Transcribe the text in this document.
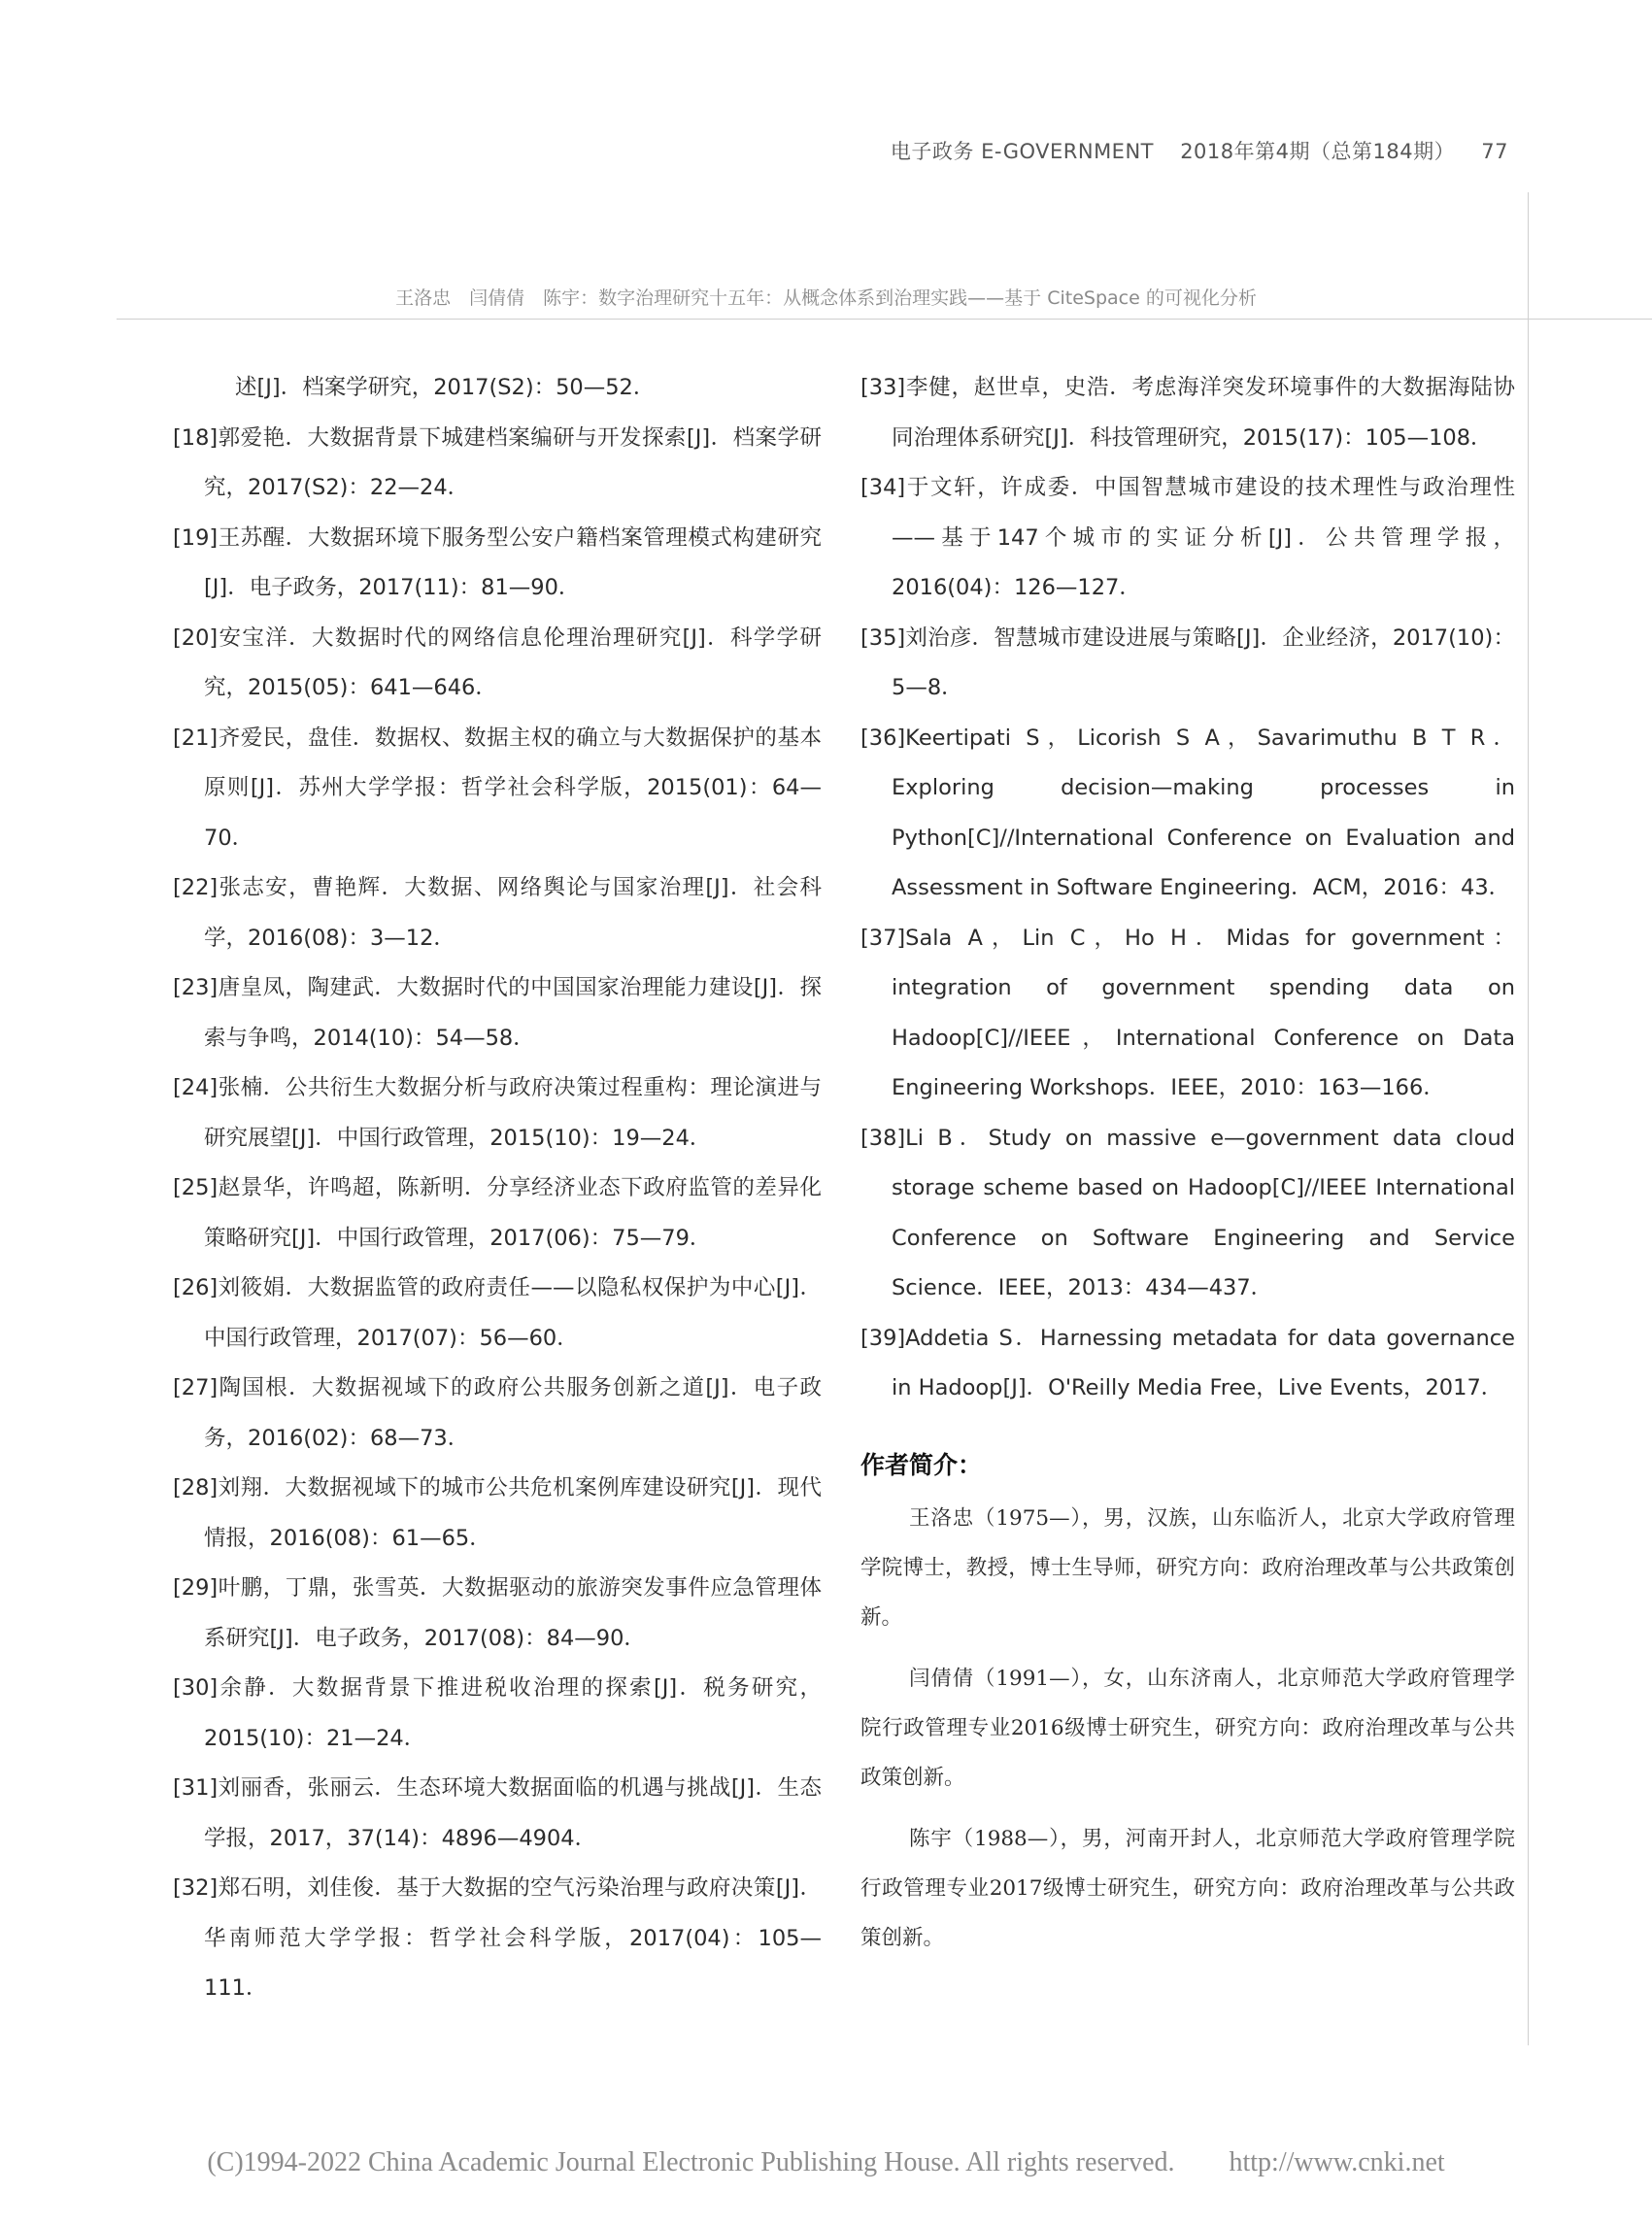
电子政务 E-GOVERNMENT 2018年第4期（总第184期） 77
王洛忠　闫倩倩　陈宇：数字治理研究十五年：从概念体系到治理实践——基于 CiteSpace 的可视化分析
述[J]．档案学研究，2017(S2)：50—52．
[18]郭爱艳．大数据背景下城建档案编研与开发探索[J]．档案学研究，2017(S2)：22—24．
[19]王苏醒．大数据环境下服务型公安户籍档案管理模式构建研究[J]．电子政务，2017(11)：81—90．
[20]安宝洋．大数据时代的网络信息伦理治理研究[J]．科学学研究，2015(05)：641—646．
[21]齐爱民，盘佳．数据权、数据主权的确立与大数据保护的基本原则[J]．苏州大学学报：哲学社会科学版，2015(01)：64—70．
[22]张志安，曹艳辉．大数据、网络舆论与国家治理[J]．社会科学，2016(08)：3—12．
[23]唐皇凤，陶建武．大数据时代的中国国家治理能力建设[J]．探索与争鸣，2014(10)：54—58．
[24]张楠．公共衍生大数据分析与政府决策过程重构：理论演进与研究展望[J]．中国行政管理，2015(10)：19—24．
[25]赵景华，许鸣超，陈新明．分享经济业态下政府监管的差异化策略研究[J]．中国行政管理，2017(06)：75—79．
[26]刘筱娟．大数据监管的政府责任——以隐私权保护为中心[J]．中国行政管理，2017(07)：56—60．
[27]陶国根．大数据视域下的政府公共服务创新之道[J]．电子政务，2016(02)：68—73．
[28]刘翔．大数据视域下的城市公共危机案例库建设研究[J]．现代情报，2016(08)：61—65．
[29]叶鹏，丁鼎，张雪英．大数据驱动的旅游突发事件应急管理体系研究[J]．电子政务，2017(08)：84—90．
[30]余静．大数据背景下推进税收治理的探索[J]．税务研究，2015(10)：21—24．
[31]刘丽香，张丽云．生态环境大数据面临的机遇与挑战[J]．生态学报，2017，37(14)：4896—4904．
[32]郑石明，刘佳俊．基于大数据的空气污染治理与政府决策[J]．华南师范大学学报：哲学社会科学版，2017(04)：105—111．
[33]李健，赵世卓，史浩．考虑海洋突发环境事件的大数据海陆协同治理体系研究[J]．科技管理研究，2015(17)：105—108．
[34]于文轩，许成委．中国智慧城市建设的技术理性与政治理性——基于147个城市的实证分析[J]．公共管理学报，2016(04)：126—127．
[35]刘治彦．智慧城市建设进展与策略[J]．企业经济，2017(10)：5—8．
[36]Keertipati S，Licorish S A，Savarimuthu B T R．Exploring decision—making processes in Python[C]//International Conference on Evaluation and Assessment in Software Engineering．ACM，2016：43．
[37]Sala A，Lin C，Ho H．Midas for government：integration of government spending data on Hadoop[C]//IEEE，International Conference on Data Engineering Workshops．IEEE，2010：163—166．
[38]Li B．Study on massive e—government data cloud storage scheme based on Hadoop[C]//IEEE International Conference on Software Engineering and Service Science．IEEE，2013：434—437．
[39]Addetia S．Harnessing metadata for data governance in Hadoop[J]．O'Reilly Media Free，Live Events，2017．
作者简介：
王洛忠（1975—），男，汉族，山东临沂人，北京大学政府管理学院博士，教授，博士生导师，研究方向：政府治理改革与公共政策创新。
闫倩倩（1991—），女，山东济南人，北京师范大学政府管理学院行政管理专业2016级博士研究生，研究方向：政府治理改革与公共政策创新。
陈宇（1988—），男，河南开封人，北京师范大学政府管理学院行政管理专业2017级博士研究生，研究方向：政府治理改革与公共政策创新。
(C)1994-2022 China Academic Journal Electronic Publishing House. All rights reserved.　　http://www.cnki.net
